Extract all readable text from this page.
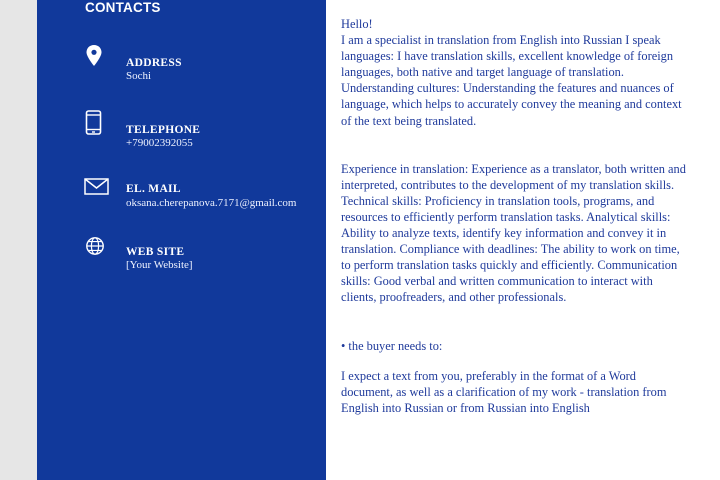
CONTACTS
ADDRESS
Sochi
TELEPHONE
+79002392055
EL. MAIL
oksana.cherepanova.7171@gmail.com
WEB SITE
[Your Website]

Hello!
I am a specialist in translation from English into Russian I speak languages: I have translation skills, excellent knowledge of foreign languages, both native and target language of translation. Understanding cultures: Understanding the features and nuances of language, which helps to accurately convey the meaning and context of the text being translated.

Experience in translation: Experience as a translator, both written and interpreted, contributes to the development of my translation skills. Technical skills: Proficiency in translation tools, programs, and resources to efficiently perform translation tasks. Analytical skills: Ability to analyze texts, identify key information and convey it in translation. Compliance with deadlines: The ability to work on time, to perform translation tasks quickly and efficiently. Communication skills: Good verbal and written communication to interact with clients, proofreaders, and other professionals.

• the buyer needs to:

I expect a text from you, preferably in the format of a Word document, as well as a clarification of my work - translation from English into Russian or from Russian into English
